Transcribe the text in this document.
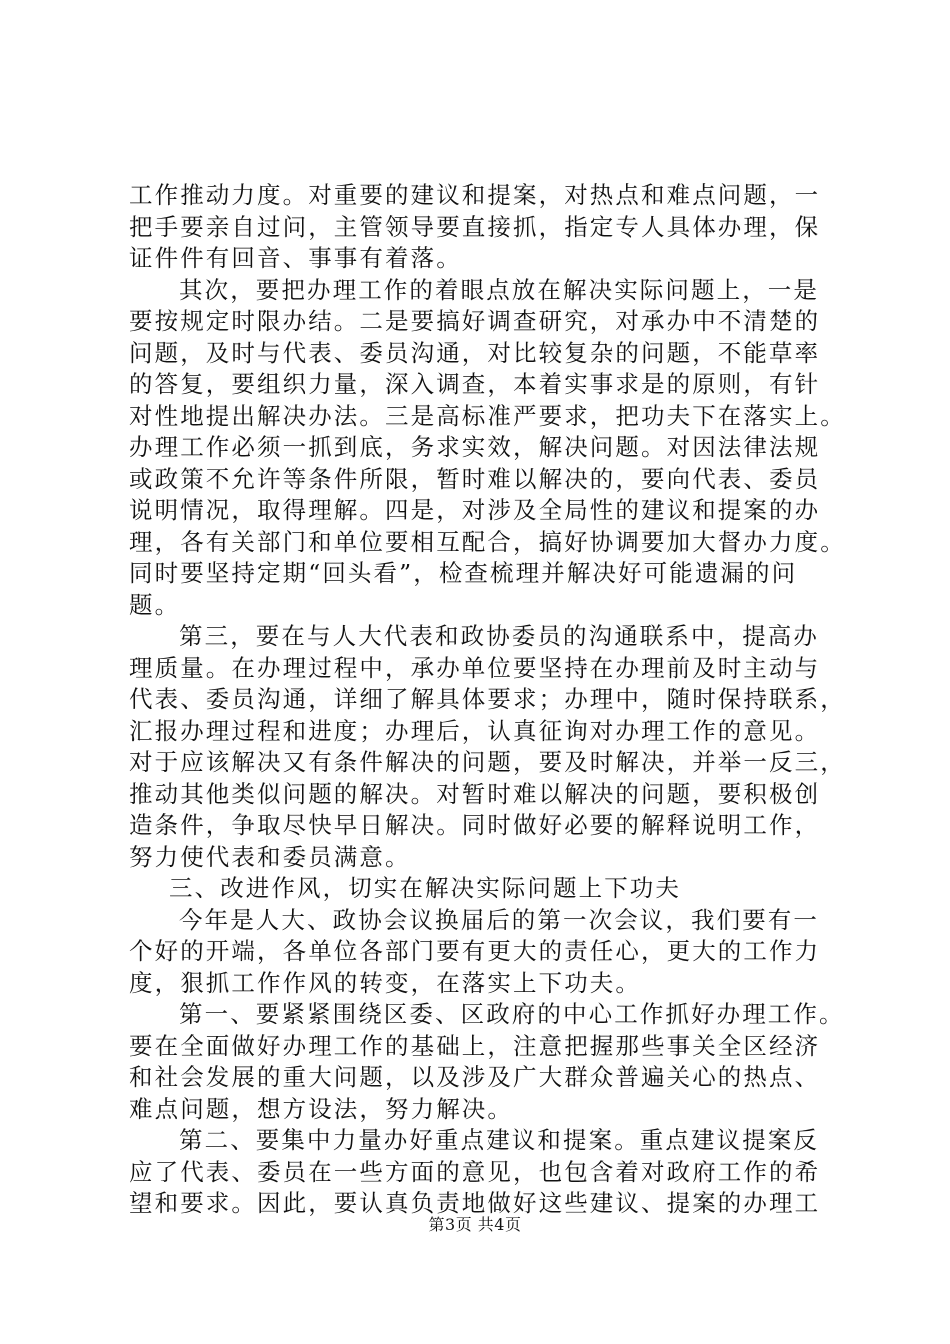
工作推动力度。对重要的建议和提案，对热点和难点问题，一
把手要亲自过问，主管领导要直接抓，指定专人具体办理，保
证件件有回音、事事有着落。
其次，要把办理工作的着眼点放在解决实际问题上，一是
要按规定时限办结。二是要搞好调查研究，对承办中不清楚的
问题，及时与代表、委员沟通，对比较复杂的问题，不能草率
的答复，要组织力量，深入调查，本着实事求是的原则，有针
对性地提出解决办法。三是高标准严要求，把功夫下在落实上。
办理工作必须一抓到底，务求实效，解决问题。对因法律法规
或政策不允许等条件所限，暂时难以解决的，要向代表、委员
说明情况，取得理解。四是，对涉及全局性的建议和提案的办
理，各有关部门和单位要相互配合，搞好协调要加大督办力度。
同时要坚持定期“回头看”，检查梳理并解决好可能遗漏的问
题。
第三，要在与人大代表和政协委员的沟通联系中，提高办
理质量。在办理过程中，承办单位要坚持在办理前及时主动与
代表、委员沟通，详细了解具体要求；办理中，随时保持联系，
汇报办理过程和进度；办理后，认真征询对办理工作的意见。
对于应该解决又有条件解决的问题，要及时解决，并举一反三，
推动其他类似问题的解决。对暂时难以解决的问题，要积极创
造条件，争取尽快早日解决。同时做好必要的解释说明工作，
努力使代表和委员满意。
三、改进作风，切实在解决实际问题上下功夫
今年是人大、政协会议换届后的第一次会议，我们要有一
个好的开端，各单位各部门要有更大的责任心，更大的工作力
度，狠抓工作作风的转变，在落实上下功夫。
第一、要紧紧围绕区委、区政府的中心工作抓好办理工作。
要在全面做好办理工作的基础上，注意把握那些事关全区经济
和社会发展的重大问题，以及涉及广大群众普遍关心的热点、
难点问题，想方设法，努力解决。
第二、要集中力量办好重点建议和提案。重点建议提案反
应了代表、委员在一些方面的意见，也包含着对政府工作的希
望和要求。因此，要认真负责地做好这些建议、提案的办理工
第3页 共4页
